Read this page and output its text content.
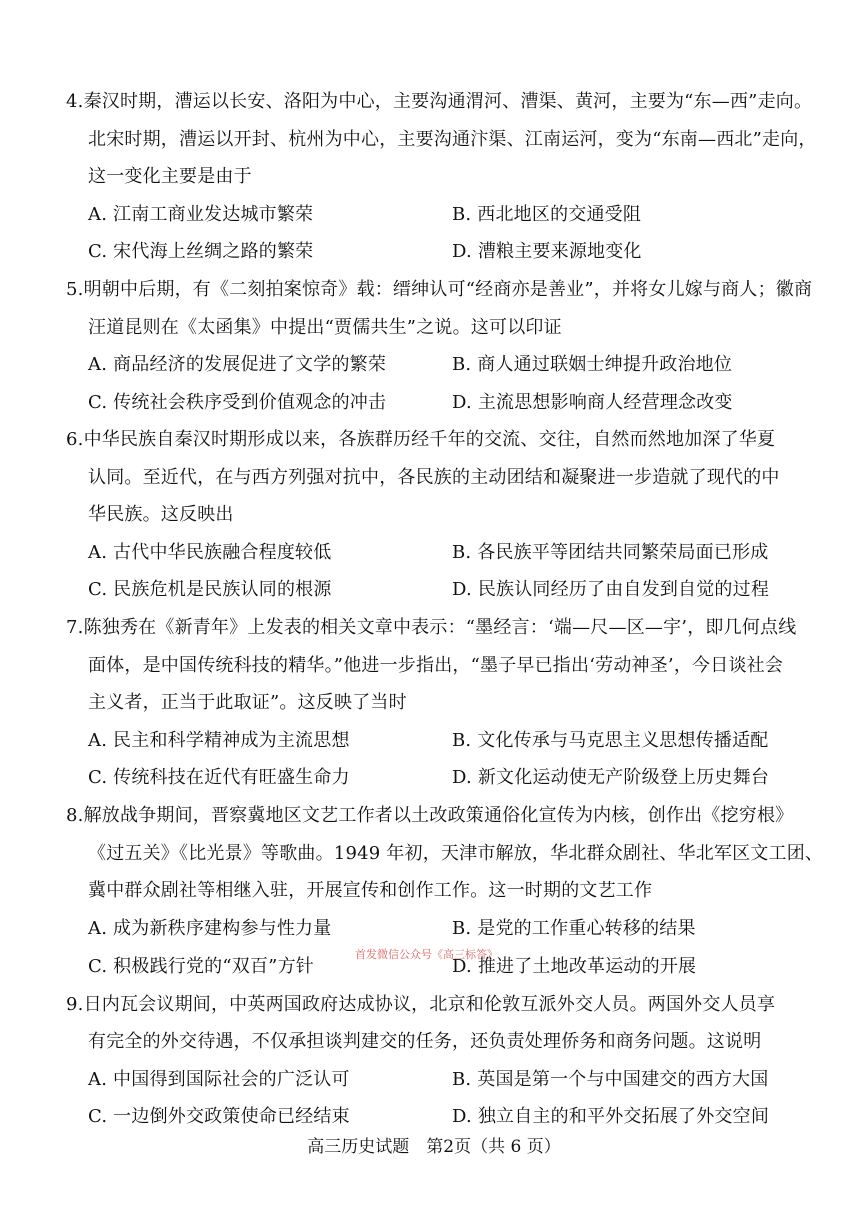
4.秦汉时期，漕运以长安、洛阳为中心，主要沟通渭河、漕渠、黄河，主要为“东—西”走向。
北宋时期，漕运以开封、杭州为中心，主要沟通汴渠、江南运河，变为“东南—西北”走向，
这一变化主要是由于
A. 江南工商业发达城市繁荣	B. 西北地区的交通受阻
C. 宋代海上丝绸之路的繁荣	D. 漕粮主要来源地变化
5.明朝中后期，有《二刻拍案惊奇》载：缙绅认可“经商亦是善业”，并将女儿嫁与商人；徽商
汪道昆则在《太函集》中提出“贾儒共生”之说。这可以印证
A. 商品经济的发展促进了文学的繁荣	B. 商人通过联姻士绅提升政治地位
C. 传统社会秩序受到价值观念的冲击	D. 主流思想影响商人经营理念改变
6.中华民族自秦汉时期形成以来，各族群历经千年的交流、交往，自然而然地加深了华夏
认同。至近代，在与西方列强对抗中，各民族的主动团结和凝聚进一步造就了现代的中
华民族。这反映出
A. 古代中华民族融合程度较低	B. 各民族平等团结共同繁荣局面已形成
C. 民族危机是民族认同的根源	D. 民族认同经历了由自发到自觉的过程
7.陈独秀在《新青年》上发表的相关文章中表示：“墨经言：‘端—尺—区—宇’，即几何点线
面体，是中国传统科技的精华。”他进一步指出，“墨子早已指出‘劳动神圣’，今日谈社会
主义者，正当于此取证”。这反映了当时
A. 民主和科学精神成为主流思想	B. 文化传承与马克思主义思想传播适配
C. 传统科技在近代有旺盛生命力	D. 新文化运动使无产阶级登上历史舞台
8.解放战争期间，晋察冀地区文艺工作者以土改政策通俗化宣传为内核，创作出《挖穷根》
《过五关》《比光景》等歌曲。1949 年初，天津市解放，华北群众剧社、华北军区文工团、
冀中群众剧社等相继入驻，开展宣传和创作工作。这一时期的文艺工作
A. 成为新秩序建构参与性力量	B. 是党的工作重心转移的结果
首发微信公众号《高三标答》
C. 积极践行党的“双百”方针	D. 推进了土地改革运动的开展
9.日内瓦会议期间，中英两国政府达成协议，北京和伦敦互派外交人员。两国外交人员享
有完全的外交待遇，不仅承担谈判建交的任务，还负责处理侨务和商务问题。这说明
A. 中国得到国际社会的广泛认可	B. 英国是第一个与中国建交的西方大国
C. 一边倒外交政策使命已经结束	D. 独立自主的和平外交拓展了外交空间
高三历史试题　第2页（共 6 页）
